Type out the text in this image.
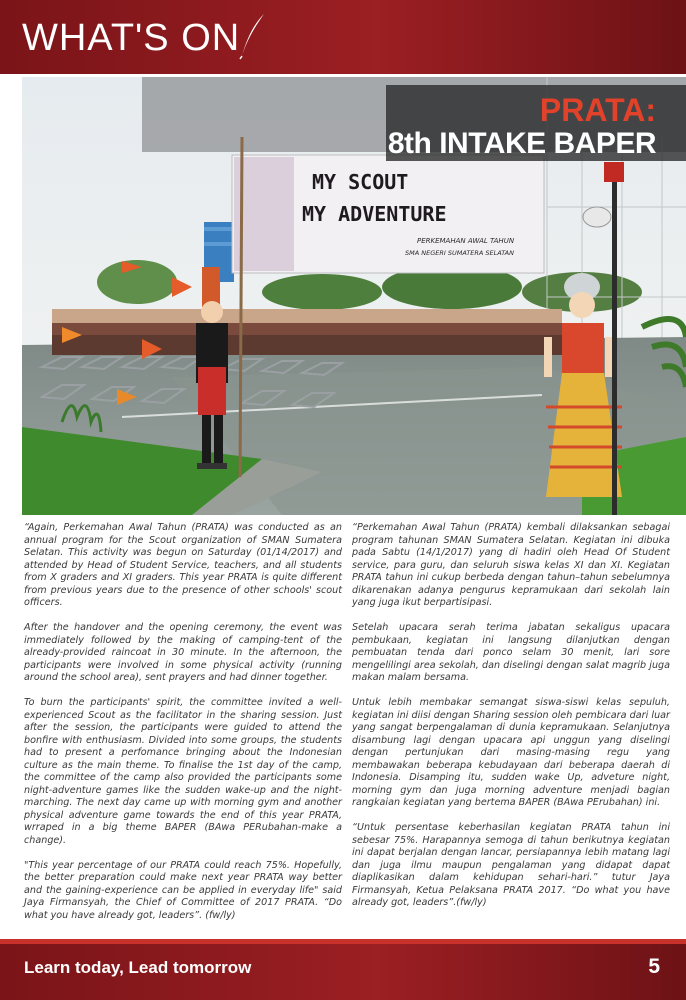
WHAT'S ON
MY SCOUT
MY ADVENTURE
PERKEMAHAN AWAL TAHUN
SMA NEGERI SUMATERA SELATAN
PRATA:
8th INTAKE BAPER

“Again, Perkemahan Awal Tahun (PRATA) was conducted as an annual program for the Scout organization of SMAN Sumatera Selatan. This activity was begun on Saturday (01/14/2017) and attended by Head of Student Service, teachers, and all students from X graders and XI graders. This year PRATA is quite different from previous years due to the presence of other schools' scout officers.

After the handover and the opening ceremony, the event was immediately followed by the making of camping-tent of the already-provided raincoat in 30 minute. In the afternoon, the participants were involved in some physical activity (running around the school area), sent prayers and had dinner together.

To burn the participants' spirit, the committee invited a well-experienced Scout as the facilitator in the sharing session. Just after the session, the participants were guided to attend the bonfire with enthusiasm. Divided into some groups, the students had to present a perfomance bringing about the Indonesian culture as the main theme. To finalise the 1st day of the camp, the committee of the camp also provided the participants some night-adventure games like the sudden wake-up and the night-marching. The next day came up with morning gym and another physical adventure game towards the end of this year PRATA, wrraped in a big theme BAPER (BAwa PERubahan-make a change).

"This year percentage of our PRATA could reach 75%. Hopefully, the better preparation could make next year PRATA way better and the gaining-experience can be applied in everyday life" said Jaya Firmansyah, the Chief of Committee of 2017 PRATA. “Do what you have already got, leaders”. (fw/ly)

“Perkemahan Awal Tahun (PRATA) kembali dilaksankan sebagai program tahunan SMAN Sumatera Selatan. Kegiatan ini dibuka pada Sabtu (14/1/2017) yang di hadiri oleh Head Of Student service, para guru, dan seluruh siswa kelas XI dan XI. Kegiatan PRATA tahun ini cukup berbeda dengan tahun–tahun sebelumnya dikarenakan adanya pengurus kepramukaan dari sekolah lain yang juga ikut berpartisipasi.

Setelah upacara serah terima jabatan sekaligus upacara pembukaan, kegiatan ini langsung dilanjutkan dengan pembuatan tenda dari ponco selam 30 menit, lari sore mengelilingi area sekolah, dan diselingi dengan salat magrib juga makan malam bersama.

Untuk lebih membakar semangat siswa-siswi kelas sepuluh, kegiatan ini diisi dengan Sharing session oleh pembicara dari luar yang sangat berpengalaman di dunia kepramukaan. Selanjutnya disambung lagi dengan upacara api unggun yang diselingi dengan pertunjukan dari masing-masing regu yang membawakan beberapa kebudayaan dari beberapa daerah di Indonesia. Disamping itu, sudden wake Up, adveture night, morning gym dan juga morning adventure menjadi bagian rangkaian kegiatan yang bertema BAPER (BAwa PErubahan) ini.

“Untuk persentase keberhasilan kegiatan PRATA tahun ini sebesar 75%. Harapannya semoga di tahun berikutnya kegiatan ini dapat berjalan dengan lancar, persiapannya lebih matang lagi dan juga ilmu maupun pengalaman yang didapat dapat diaplikasikan dalam kehidupan sehari-hari.” tutur Jaya Firmansyah, Ketua Pelaksana PRATA 2017. “Do what you have already got, leaders”.(fw/ly)

Learn today, Lead tomorrow	5
